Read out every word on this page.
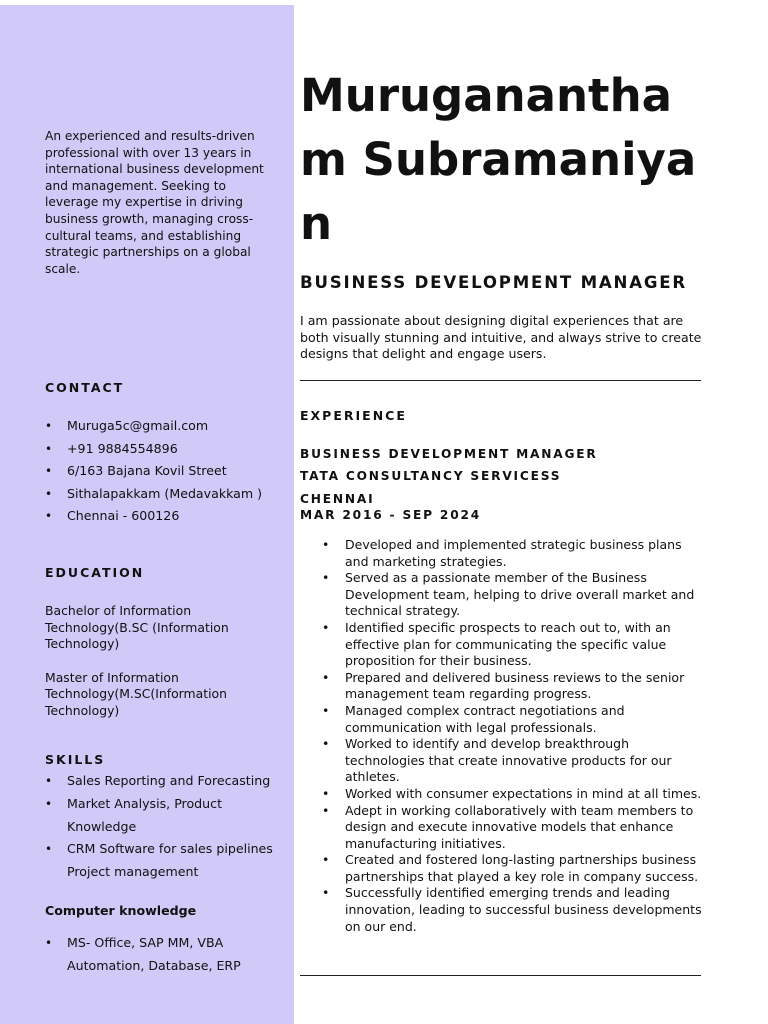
An experienced and results-driven professional with over 13 years in international business development and management. Seeking to leverage my expertise in driving business growth, managing cross-cultural teams, and establishing strategic partnerships on a global scale.

CONTACT
• Muruga5c@gmail.com
• +91 9884554896
• 6/163 Bajana Kovil Street
• Sithalapakkam (Medavakkam )
• Chennai - 600126
EDUCATION

Bachelor of Information Technology(B.SC (Information Technology)

Master of Information Technology(M.SC(Information Technology)

SKILLS
• Sales Reporting and Forecasting
• Market Analysis, Product Knowledge
• CRM Software for sales pipelines Project management
Computer knowledge
• MS- Office, SAP MM, VBA Automation, Database, ERP
Muruganantham Subramaniyan
BUSINESS DEVELOPMENT MANAGER

I am passionate about designing digital experiences that are both visually stunning and intuitive, and always strive to create designs that delight and engage users.

EXPERIENCE

BUSINESS DEVELOPMENT MANAGER

TATA CONSULTANCY SERVICESS

CHENNAI

MAR 2016 - SEP 2024

• Developed and implemented strategic business plans and marketing strategies.
• Served as a passionate member of the Business Development team, helping to drive overall market and technical strategy.
• Identified specific prospects to reach out to, with an effective plan for communicating the specific value proposition for their business.
• Prepared and delivered business reviews to the senior management team regarding progress.
• Managed complex contract negotiations and communication with legal professionals.
• Worked to identify and develop breakthrough technologies that create innovative products for our athletes.
• Worked with consumer expectations in mind at all times.
• Adept in working collaboratively with team members to design and execute innovative models that enhance manufacturing initiatives.
• Created and fostered long-lasting partnerships business partnerships that played a key role in company success.
• Successfully identified emerging trends and leading innovation, leading to successful business developments on our end.
